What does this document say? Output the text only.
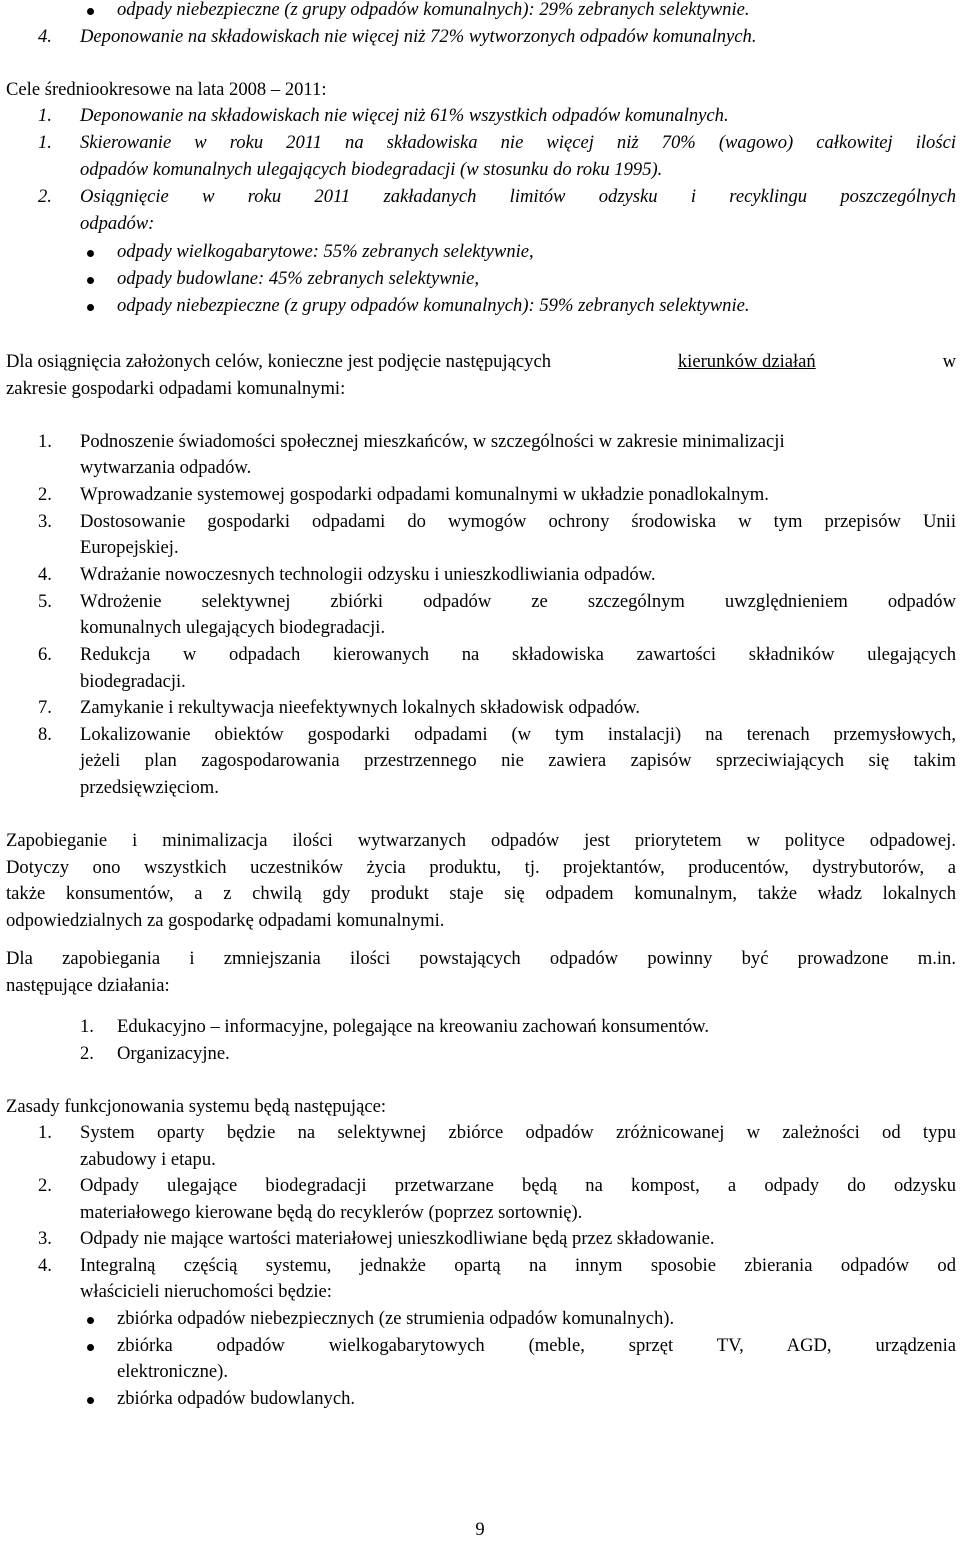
odpady niebezpieczne (z grupy odpadów komunalnych): 29% zebranych selektywnie.
4. Deponowanie na składowiskach nie więcej niż 72% wytworzonych odpadów komunalnych.
Cele średniookresowe na lata 2008 – 2011:
1. Deponowanie na składowiskach nie więcej niż 61% wszystkich odpadów komunalnych.
1. Skierowanie w roku 2011 na składowiska nie więcej niż 70% (wagowo) całkowitej ilości
odpadów komunalnych ulegających biodegradacji (w stosunku do roku 1995).
2. Osiągnięcie w roku 2011 zakładanych limitów odzysku i recyklingu poszczególnych
odpadów:
odpady wielkogabarytowe: 55% zebranych selektywnie,
odpady budowlane: 45% zebranych selektywnie,
odpady niebezpieczne (z grupy odpadów komunalnych): 59% zebranych selektywnie.
Dla osiągnięcia założonych celów, konieczne jest podjęcie następujących	kierunków działań	w
zakresie gospodarki odpadami komunalnymi:
1. Podnoszenie świadomości społecznej mieszkańców, w szczególności w zakresie minimalizacji
wytwarzania odpadów.
2. Wprowadzanie systemowej gospodarki odpadami komunalnymi w układzie ponadlokalnym.
3. Dostosowanie gospodarki odpadami do wymogów ochrony środowiska w tym przepisów Unii
Europejskiej.
4. Wdrażanie nowoczesnych technologii odzysku i unieszkodliwiania odpadów.
5. Wdrożenie selektywnej zbiórki odpadów ze szczególnym uwzględnieniem odpadów
komunalnych ulegających biodegradacji.
6. Redukcja w odpadach kierowanych na składowiska zawartości składników ulegających
biodegradacji.
7. Zamykanie i rekultywacja nieefektywnych lokalnych składowisk odpadów.
8. Lokalizowanie obiektów gospodarki odpadami (w tym instalacji) na terenach przemysłowych,
jeżeli plan zagospodarowania przestrzennego nie zawiera zapisów sprzeciwiających się takim
przedsięwzięciom.
Zapobieganie i minimalizacja ilości wytwarzanych odpadów jest priorytetem w polityce odpadowej.
Dotyczy ono wszystkich uczestników życia produktu, tj. projektantów, producentów, dystrybutorów, a
także konsumentów, a z chwilą gdy produkt staje się odpadem komunalnym, także władz lokalnych
odpowiedzialnych za gospodarkę odpadami komunalnymi.
Dla zapobiegania i zmniejszania ilości powstających odpadów powinny być prowadzone m.in.
następujące działania:
1. Edukacyjno – informacyjne, polegające na kreowaniu zachowań konsumentów.
2. Organizacyjne.
Zasady funkcjonowania systemu będą następujące:
1. System oparty będzie na selektywnej zbiórce odpadów zróżnicowanej w zależności od typu
zabudowy i etapu.
2. Odpady ulegające biodegradacji przetwarzane będą na kompost, a odpady do odzysku
materiałowego kierowane będą do recyklerów (poprzez sortownię).
3. Odpady nie mające wartości materiałowej unieszkodliwiane będą przez składowanie.
4. Integralną częścią systemu, jednakże opartą na innym sposobie zbierania odpadów od
właścicieli nieruchomości będzie:
zbiórka odpadów niebezpiecznych (ze strumienia odpadów komunalnych).
zbiórka odpadów wielkogabarytowych (meble, sprzęt TV, AGD, urządzenia
elektroniczne).
zbiórka odpadów budowlanych.
9
